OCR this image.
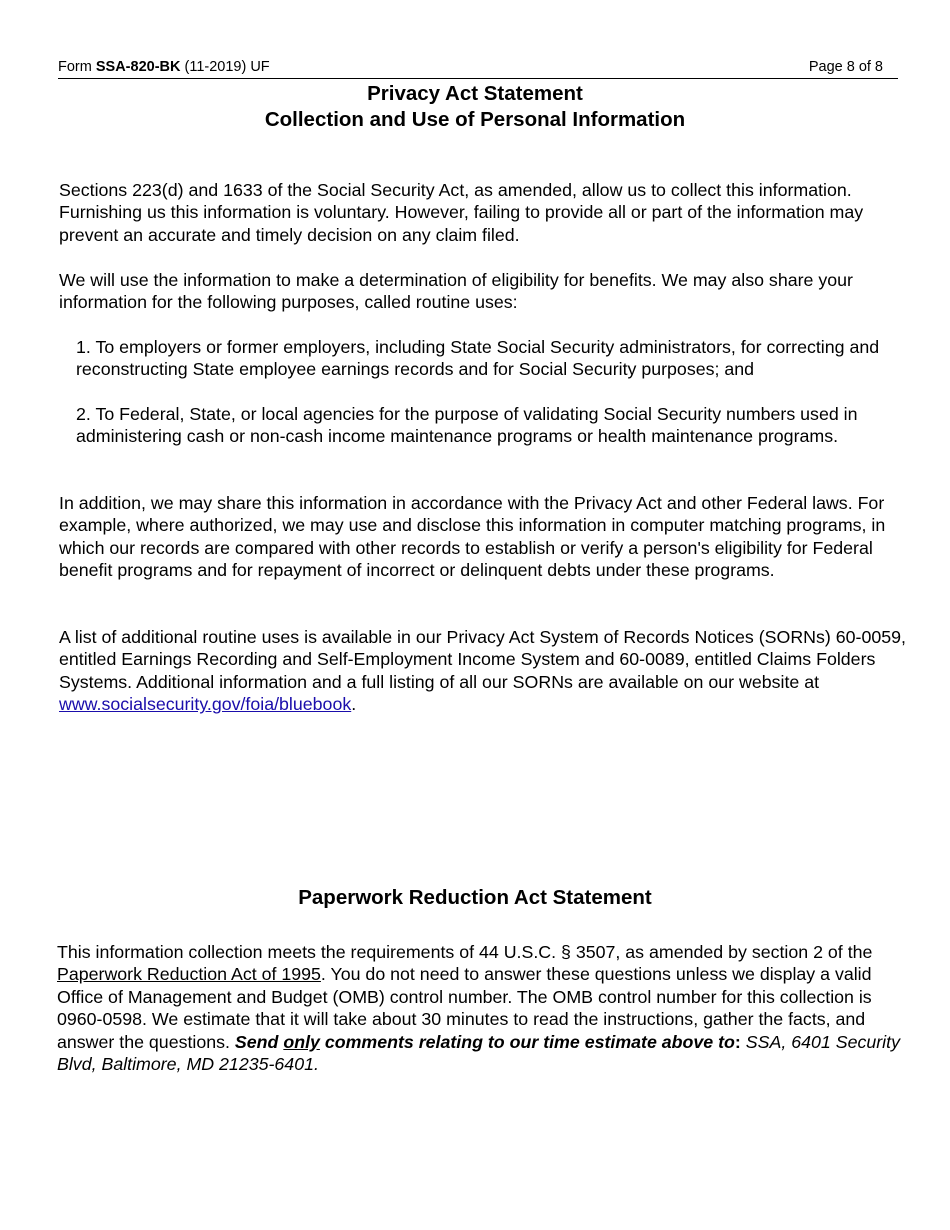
Form SSA-820-BK (11-2019) UF	Page 8 of 8
Privacy Act Statement
Collection and Use of Personal Information

Sections 223(d) and 1633 of the Social Security Act, as amended, allow us to collect this information. Furnishing us this information is voluntary. However, failing to provide all or part of the information may prevent an accurate and timely decision on any claim filed.

We will use the information to make a determination of eligibility for benefits. We may also share your information for the following purposes, called routine uses:

1. To employers or former employers, including State Social Security administrators, for correcting and reconstructing State employee earnings records and for Social Security purposes; and

2. To Federal, State, or local agencies for the purpose of validating Social Security numbers used in administering cash or non-cash income maintenance programs or health maintenance programs.

In addition, we may share this information in accordance with the Privacy Act and other Federal laws. For example, where authorized, we may use and disclose this information in computer matching programs, in which our records are compared with other records to establish or verify a person's eligibility for Federal benefit programs and for repayment of incorrect or delinquent debts under these programs.

A list of additional routine uses is available in our Privacy Act System of Records Notices (SORNs) 60-0059, entitled Earnings Recording and Self-Employment Income System and 60-0089, entitled Claims Folders Systems. Additional information and a full listing of all our SORNs are available on our website at www.socialsecurity.gov/foia/bluebook.

Paperwork Reduction Act Statement

This information collection meets the requirements of 44 U.S.C. § 3507, as amended by section 2 of the Paperwork Reduction Act of 1995. You do not need to answer these questions unless we display a valid Office of Management and Budget (OMB) control number. The OMB control number for this collection is 0960-0598. We estimate that it will take about 30 minutes to read the instructions, gather the facts, and answer the questions. Send only comments relating to our time estimate above to: SSA, 6401 Security Blvd, Baltimore, MD 21235-6401.
